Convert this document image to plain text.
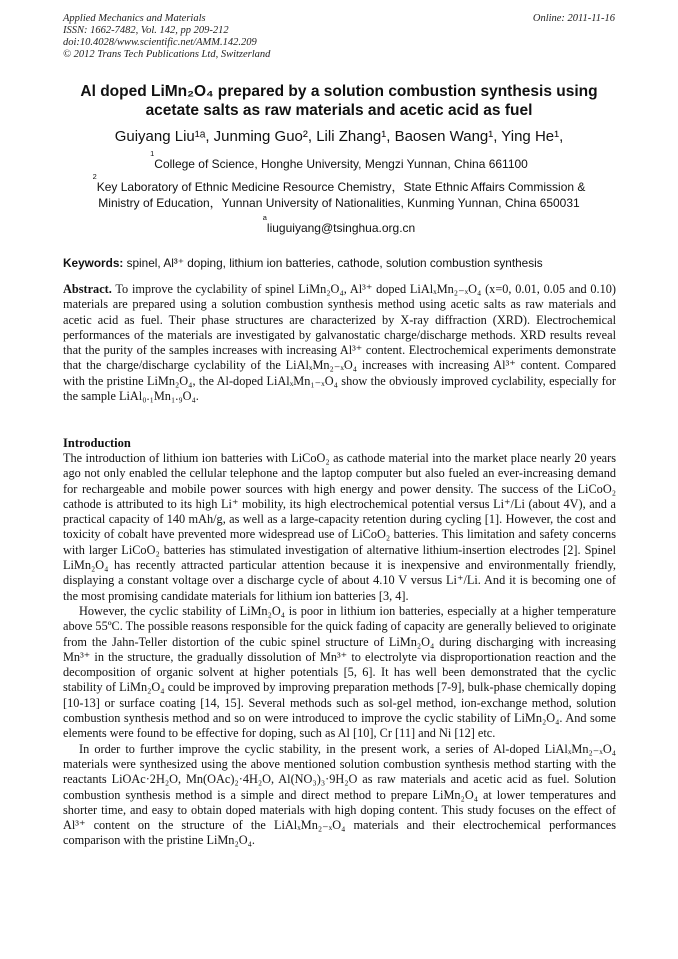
Applied Mechanics and Materials
ISSN: 1662-7482, Vol. 142, pp 209-212
doi:10.4028/www.scientific.net/AMM.142.209
© 2012 Trans Tech Publications Ltd, Switzerland
Online: 2011-11-16
Al doped LiMn₂O₄ prepared by a solution combustion synthesis using
acetate salts as raw materials and acetic acid as fuel
Guiyang Liu¹ᵃ, Junming Guo², Lili Zhang¹, Baosen Wang¹, Ying He¹,
$^1$College of Science, Honghe University, Mengzi Yunnan, China 661100
$^2$Key Laboratory of Ethnic Medicine Resource Chemistry，State Ethnic Affairs Commission &
Ministry of Education，Yunnan University of Nationalities, Kunming Yunnan, China 650031
$^a$liuguiyang@tsinghua.org.cn
Keywords: spinel, Al³⁺ doping, lithium ion batteries, cathode, solution combustion synthesis

Abstract. To improve the cyclability of spinel LiMn₂O₄, Al³⁺ doped LiAlₓMn₂₋ₓO₄ (x=0, 0.01, 0.05 and 0.10) materials are prepared using a solution combustion synthesis method using acetic salts as raw materials and acetic acid as fuel. Their phase structures are characterized by X-ray diffraction (XRD). Electrochemical performances of the materials are investigated by galvanostatic charge/discharge methods. XRD results reveal that the purity of the samples increases with increasing Al³⁺ content. Electrochemical experiments demonstrate that the charge/discharge cyclability of the LiAlₓMn₂₋ₓO₄ increases with increasing Al³⁺ content. Compared with the pristine LiMn₂O₄, the Al-doped LiAlₓMn₁₋ₓO₄ show the obviously improved cyclability, especially for the sample LiAl₀.₁Mn₁.₉O₄.

Introduction

The introduction of lithium ion batteries with LiCoO₂ as cathode material into the market place nearly 20 years ago not only enabled the cellular telephone and the laptop computer but also fueled an ever-increasing demand for rechargeable and mobile power sources with high energy and power density. The success of the LiCoO₂ cathode is attributed to its high Li⁺ mobility, its high electrochemical potential versus Li⁺/Li (about 4V), and a practical capacity of 140 mAh/g, as well as a large-capacity retention during cycling [1]. However, the cost and toxicity of cobalt have prevented more widespread use of LiCoO₂ batteries. This limitation and safety concerns with larger LiCoO₂ batteries has stimulated investigation of alternative lithium-insertion electrodes [2]. Spinel LiMn₂O₄ has recently attracted particular attention because it is inexpensive and environmentally friendly, displaying a constant voltage over a discharge cycle of about 4.10 V versus Li⁺/Li. And it is becoming one of the most promising candidate materials for lithium ion batteries [3, 4].

However, the cyclic stability of LiMn₂O₄ is poor in lithium ion batteries, especially at a higher temperature above 55ºC. The possible reasons responsible for the quick fading of capacity are generally believed to originate from the Jahn-Teller distortion of the cubic spinel structure of LiMn₂O₄ during discharging with increasing Mn³⁺ in the structure, the gradually dissolution of Mn³⁺ to electrolyte via disproportionation reaction and the decomposition of organic solvent at higher potentials [5, 6]. It has well been demonstrated that the cyclic stability of LiMn₂O₄ could be improved by improving preparation methods [7-9], bulk-phase chemically doping [10-13] or surface coating [14, 15]. Several methods such as sol-gel method, ion-exchange method, solution combustion synthesis method and so on were introduced to improve the cyclic stability of LiMn₂O₄. And some elements were found to be effective for doping, such as Al [10], Cr [11] and Ni [12] etc.

In order to further improve the cyclic stability, in the present work, a series of Al-doped LiAlₓMn₂₋ₓO₄ materials were synthesized using the above mentioned solution combustion synthesis method starting with the reactants LiOAc·2H₂O, Mn(OAc)₂·4H₂O, Al(NO₃)₃·9H₂O as raw materials and acetic acid as fuel. Solution combustion synthesis method is a simple and direct method to prepare LiMn₂O₄ at lower temperatures and shorter time, and easy to obtain doped materials with high doping content. This study focuses on the effect of Al³⁺ content on the structure of the LiAlₓMn₂₋ₓO₄ materials and their electrochemical performances comparison with the pristine LiMn₂O₄.
